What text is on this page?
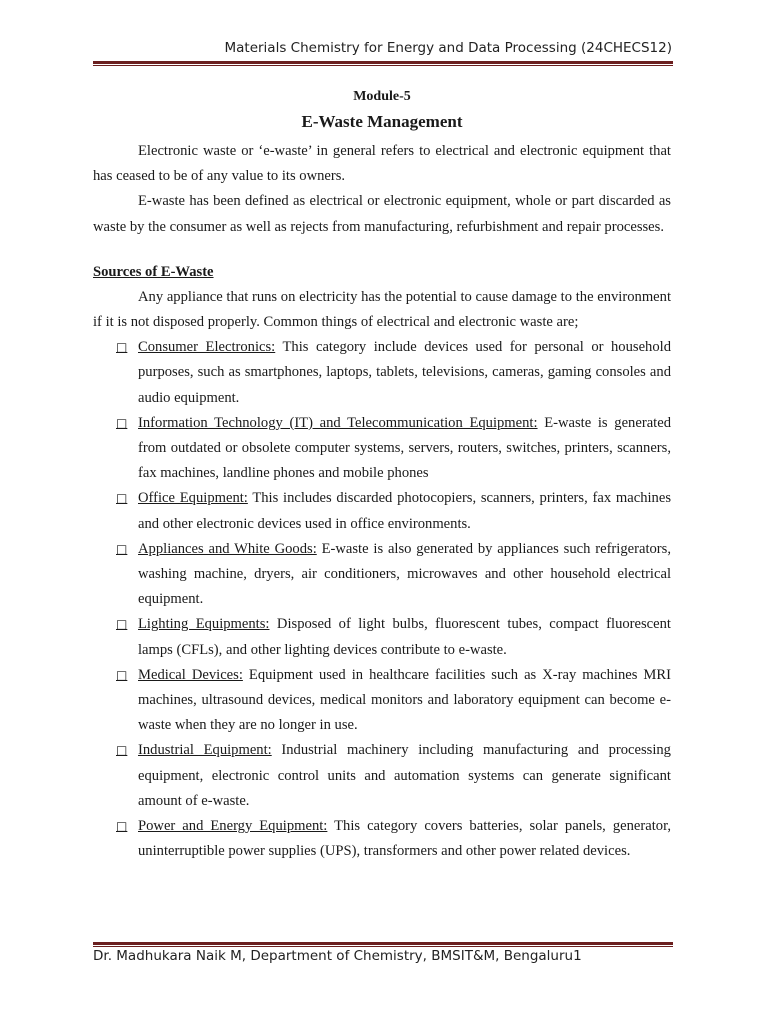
Materials Chemistry for Energy and Data Processing (24CHECS12)
Module-5
E-Waste Management

Electronic waste or ‘e-waste’ in general refers to electrical and electronic equipment that has ceased to be of any value to its owners.

E-waste has been defined as electrical or electronic equipment, whole or part discarded as waste by the consumer as well as rejects from manufacturing, refurbishment and repair processes.

Sources of E-Waste

Any appliance that runs on electricity has the potential to cause damage to the environment if it is not disposed properly. Common things of electrical and electronic waste are;

□
Consumer Electronics: This category include devices used for personal or household purposes, such as smartphones, laptops, tablets, televisions, cameras, gaming consoles and audio equipment.
□
Information Technology (IT) and Telecommunication Equipment: E-waste is generated from outdated or obsolete computer systems, servers, routers, switches, printers, scanners, fax machines, landline phones and mobile phones
□
Office Equipment: This includes discarded photocopiers, scanners, printers, fax machines and other electronic devices used in office environments.
□
Appliances and White Goods: E-waste is also generated by appliances such refrigerators, washing machine, dryers, air conditioners, microwaves and other household electrical equipment.
□
Lighting Equipments: Disposed of light bulbs, fluorescent tubes, compact fluorescent lamps (CFLs), and other lighting devices contribute to e-waste.
□
Medical Devices: Equipment used in healthcare facilities such as X-ray machines MRI machines, ultrasound devices, medical monitors and laboratory equipment can become e-waste when they are no longer in use.
□
Industrial Equipment: Industrial machinery including manufacturing and processing equipment, electronic control units and automation systems can generate significant amount of e-waste.
□
Power and Energy Equipment: This category covers batteries, solar panels, generator, uninterruptible power supplies (UPS), transformers and other power related devices.
Dr. Madhukara Naik M, Department of Chemistry, BMSIT&M, Bengaluru1
